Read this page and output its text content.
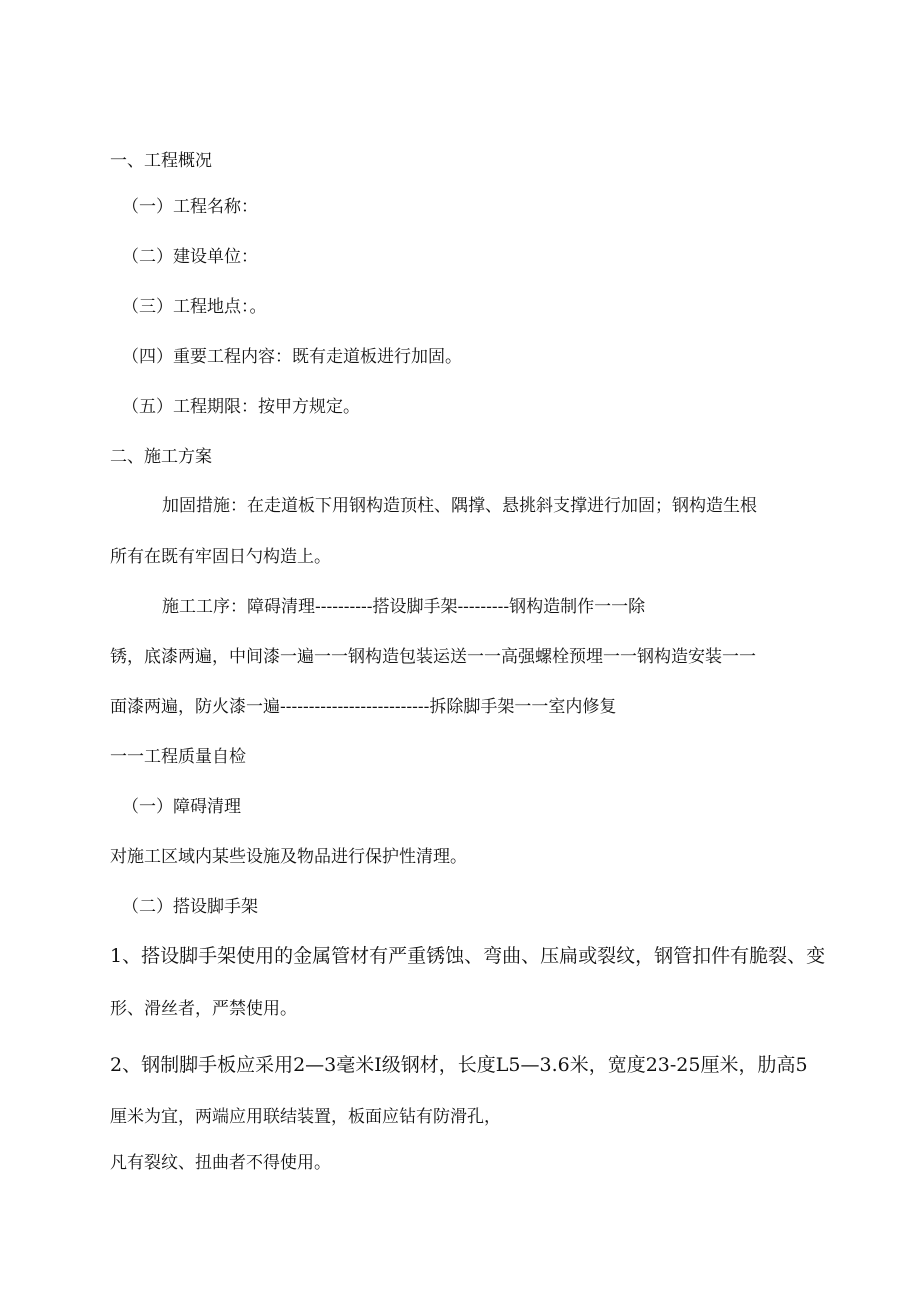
一、工程概况
（一）工程名称：
（二）建设单位：
（三）工程地点：。
（四）重要工程内容：既有走道板进行加固。
（五）工程期限：按甲方规定。
二、施工方案
加固措施：在走道板下用钢构造顶柱、隅撑、悬挑斜支撑进行加固；钢构造生根
所有在既有牢固日勺构造上。
施工工序：障碍清理----------搭设脚手架---------钢构造制作一一除
锈，底漆两遍，中间漆一遍一一钢构造包装运送一一高强螺栓预埋一一钢构造安装一一
面漆两遍，防火漆一遍--------------------------拆除脚手架一一室内修复
一一工程质量自检
（一）障碍清理
对施工区域内某些设施及物品进行保护性清理。
（二）搭设脚手架
1、搭设脚手架使用的金属管材有严重锈蚀、弯曲、压扁或裂纹，钢管扣件有脆裂、变
形、滑丝者，严禁使用。
2、钢制脚手板应采用2—3毫米I级钢材，长度L5—3.6米，宽度23-25厘米，肋高5
厘米为宜，两端应用联结装置，板面应钻有防滑孔，
凡有裂纹、扭曲者不得使用。
